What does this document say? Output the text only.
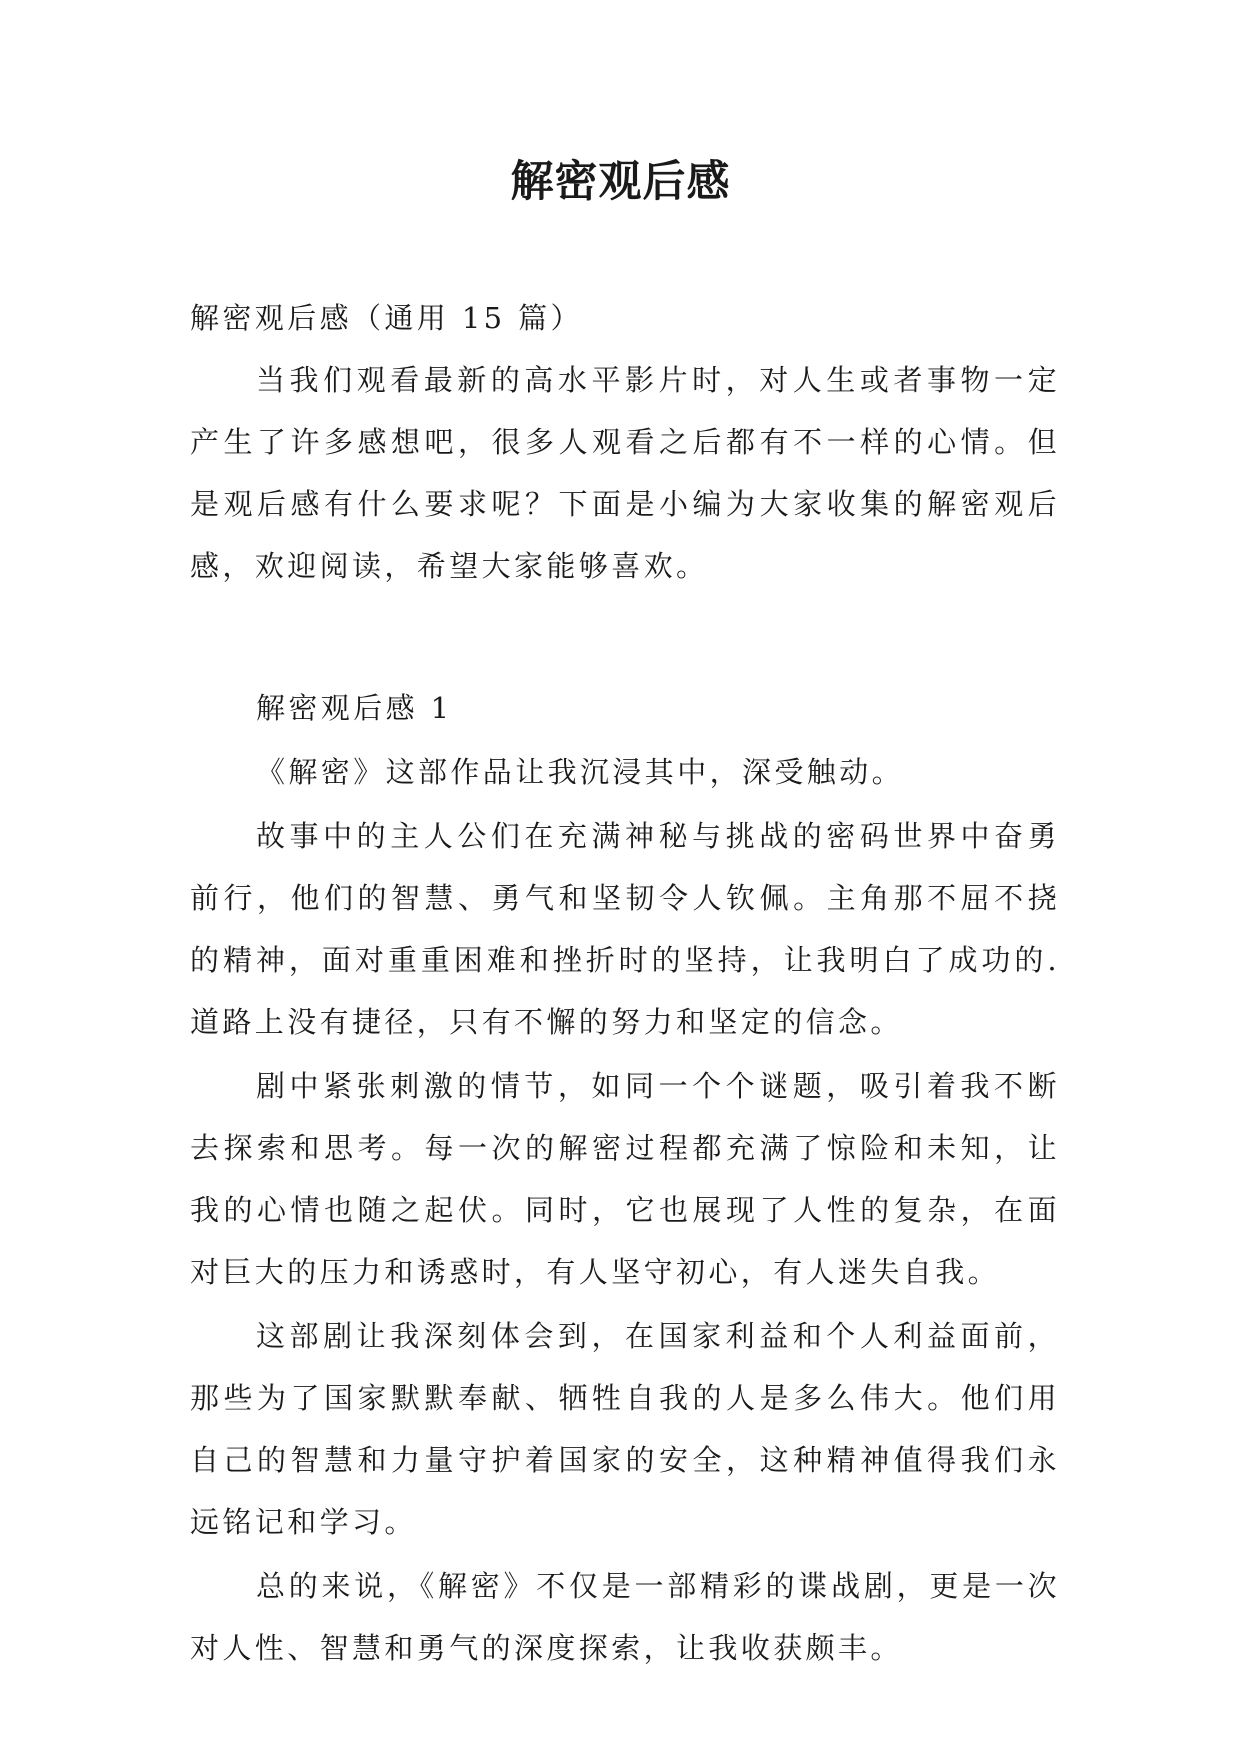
解密观后感

解密观后感（通用 15 篇）

当我们观看最新的高水平影片时，对人生或者事物一定产生了许多感想吧，很多人观看之后都有不一样的心情。但是观后感有什么要求呢？下面是小编为大家收集的解密观后感，欢迎阅读，希望大家能够喜欢。

解密观后感 1

《解密》这部作品让我沉浸其中，深受触动。

故事中的主人公们在充满神秘与挑战的密码世界中奋勇前行，他们的智慧、勇气和坚韧令人钦佩。主角那不屈不挠的精神，面对重重困难和挫折时的坚持，让我明白了成功的.道路上没有捷径，只有不懈的努力和坚定的信念。

剧中紧张刺激的情节，如同一个个谜题，吸引着我不断去探索和思考。每一次的解密过程都充满了惊险和未知，让我的心情也随之起伏。同时，它也展现了人性的复杂，在面对巨大的压力和诱惑时，有人坚守初心，有人迷失自我。

这部剧让我深刻体会到，在国家利益和个人利益面前，那些为了国家默默奉献、牺牲自我的人是多么伟大。他们用自己的智慧和力量守护着国家的安全，这种精神值得我们永远铭记和学习。

总的来说，《解密》不仅是一部精彩的谍战剧，更是一次对人性、智慧和勇气的深度探索，让我收获颇丰。
